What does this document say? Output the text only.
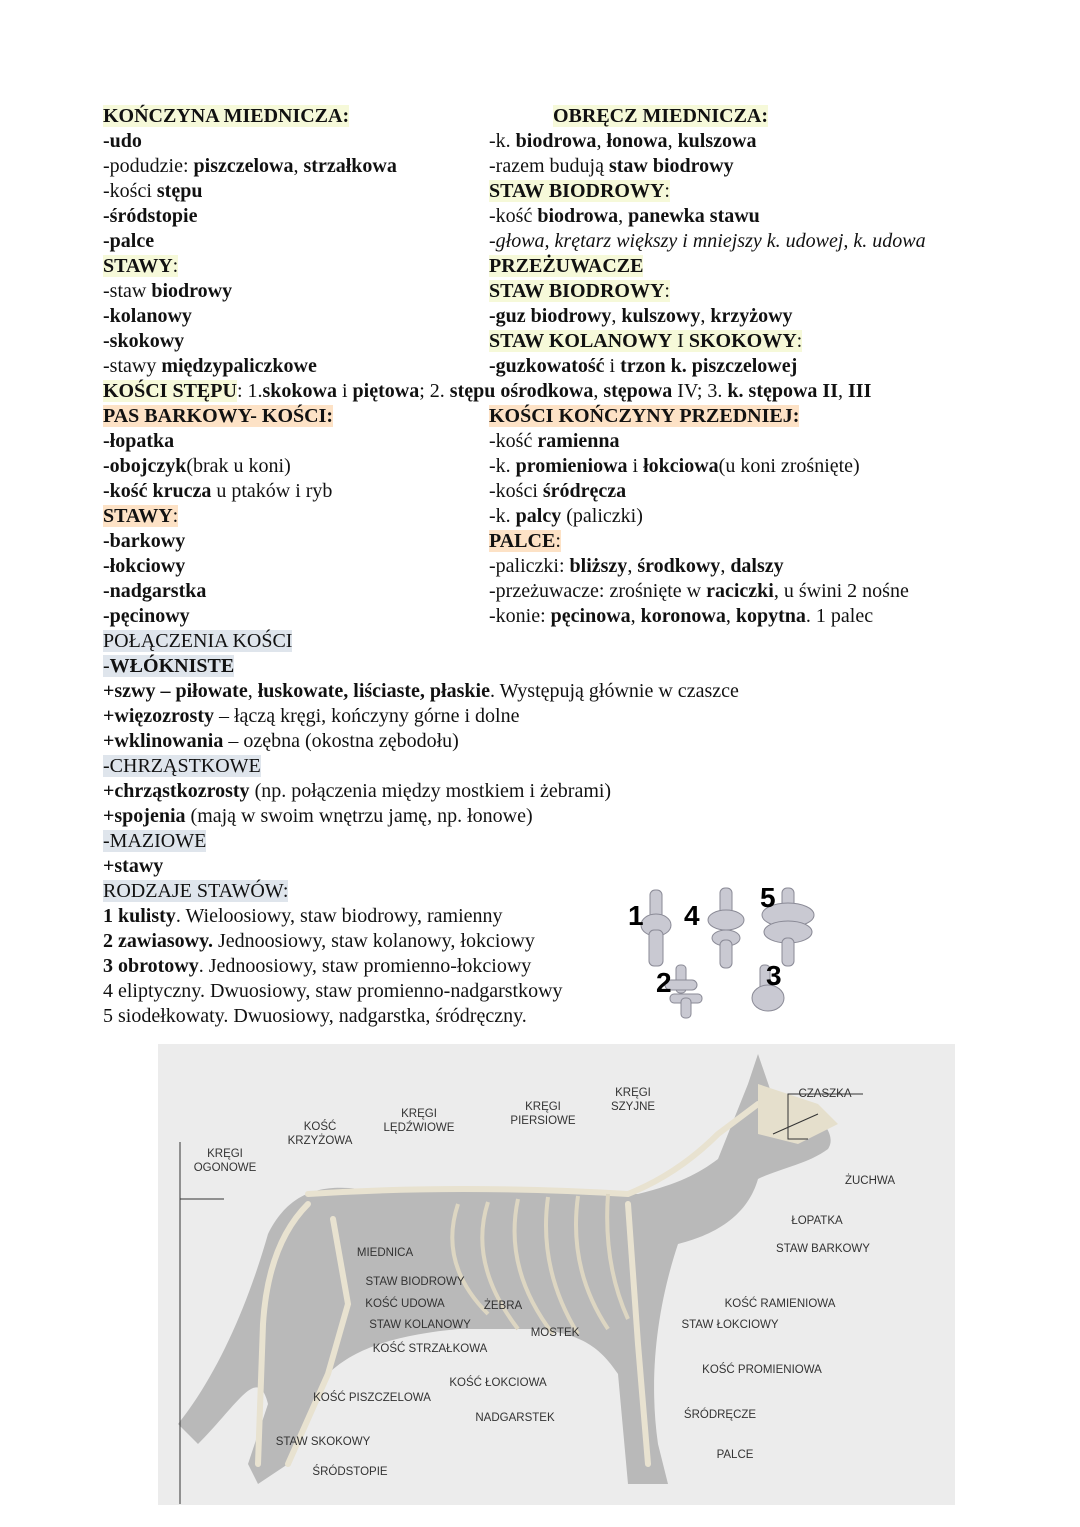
KOŃCZYNA MIEDNICZA:
-udo
-podudzie: piszczelowa, strzałkowa
-kości stępu
-śródstopie
-palce
STAWY:
-staw biodrowy
-kolanowy
-skokowy
-stawy międzypaliczkowe
OBRĘCZ MIEDNICZA:
-k. biodrowa, łonowa, kulszowa
-razem budują staw biodrowy
STAW BIODROWY:
-kość biodrowa, panewka stawu
-głowa, krętarz większy i mniejszy k. udowej, k. udowa
PRZEŻUWACZE
STAW BIODROWY:
-guz biodrowy, kulszowy, krzyżowy
STAW KOLANOWY I SKOKOWY:
-guzkowatość i trzon k. piszczelowej
KOŚCI STĘPU: 1.skokowa i piętowa; 2. stępu ośrodkowa, stępowa IV; 3. k. stępowa II, III
PAS BARKOWY- KOŚCI:
-łopatka
-obojczyk(brak u koni)
-kość krucza u ptaków i ryb
STAWY:
-barkowy
-łokciowy
-nadgarstka
-pęcinowy
KOŚCI KOŃCZYNY PRZEDNIEJ:
-kość ramienna
-k. promieniowa i łokciowa(u koni zrośnięte)
-kości śródręcza
-k. palcy (paliczki)
PALCE:
-paliczki: bliższy, środkowy, dalszy
-przeżuwacze: zrośnięte w raciczki, u świni 2 nośne
-konie: pęcinowa, koronowa, kopytna. 1 palec
POŁĄCZENIA KOŚCI
-WŁÓKNISTE
+szwy – piłowate, łuskowate, liściaste, płaskie. Występują głównie w czaszce
+więzozrosty – łączą kręgi, kończyny górne i dolne
+wklinowania – ozębna (okostna zębodołu)
-CHRZĄSTKOWE
+chrząstkozrosty (np. połączenia między mostkiem i żebrami)
+spojenia (mają w swoim wnętrzu jamę, np. łonowe)
-MAZIOWE
+stawy
RODZAJE STAWÓW:
1 kulisty. Wieloosiowy, staw biodrowy, ramienny
2 zawiasowy. Jednoosiowy, staw kolanowy, łokciowy
3 obrotowy. Jednoosiowy, staw promienno-łokciowy
4 eliptyczny. Dwuosiowy, staw promienno-nadgarstkowy
5 siodełkowaty. Dwuosiowy, nadgarstka, śródręczny.
1 4
5
2	3
CZASZKA
KRĘGI
SZYJNE
KRĘGI
PIERSIOWE
KRĘGI
LĘDŹWIOWE
KOŚĆ
KRZYŻOWA
KRĘGI
OGONOWE
ŻUCHWA
ŁOPATKA
STAW BARKOWY
MIEDNICA
STAW BIODROWY
KOŚĆ UDOWA	ŻEBRA	KOŚĆ RAMIENIOWA
STAW KOLANOWY
MOSTEK
STAW ŁOKCIOWY
KOŚĆ STRZAŁKOWA
KOŚĆ PROMIENIOWA
KOŚĆ ŁOKCIOWA
KOŚĆ PISZCZELOWA
NADGARSTEK	ŚRÓDRĘCZE
STAW SKOKOWY
PALCE
ŚRÓDSTOPIE
